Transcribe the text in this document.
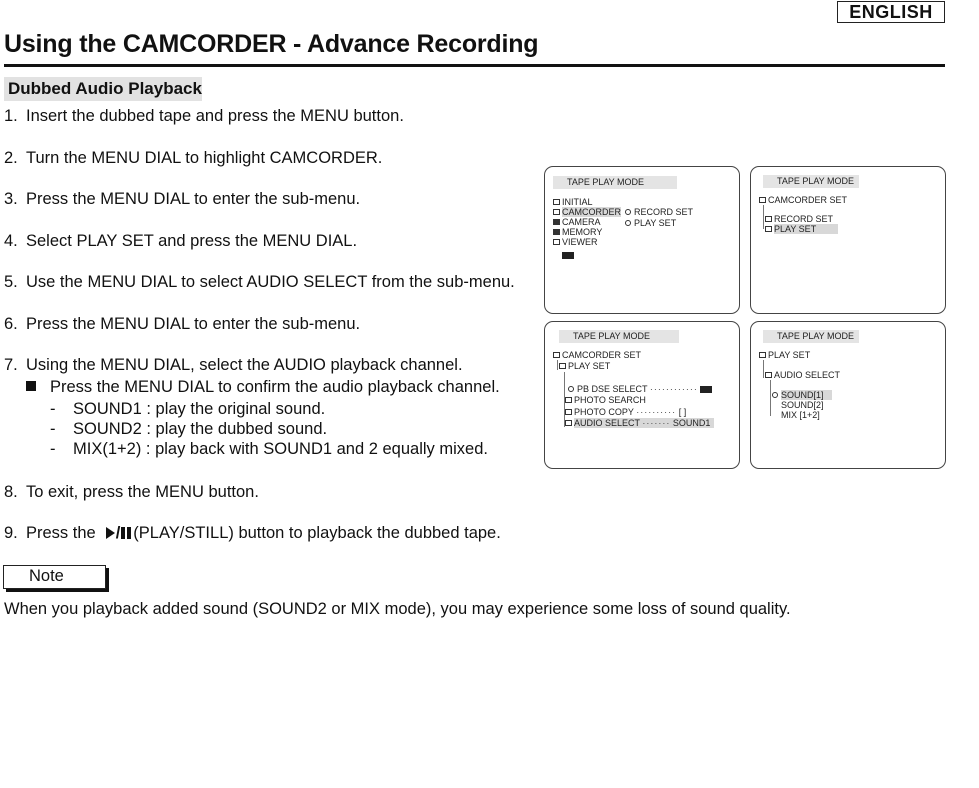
ENGLISH
Using the CAMCORDER - Advance Recording
Dubbed Audio Playback
1. Insert the dubbed tape and press the MENU button.
2. Turn the MENU DIAL to highlight CAMCORDER.
3. Press the MENU DIAL to enter the sub-menu.
4. Select PLAY SET and press the MENU DIAL.
5. Use the MENU DIAL to select AUDIO SELECT from the sub-menu.
6. Press the MENU DIAL to enter the sub-menu.
7. Using the MENU DIAL, select the AUDIO playback channel.
Press the MENU DIAL to confirm the audio playback channel.
- SOUND1 : play the original sound.
- SOUND2 : play the dubbed sound.
- MIX(1+2) : play back with SOUND1 and 2 equally mixed.
8. To exit, press the MENU button.
9. Press the / (PLAY/STILL) button to playback the dubbed tape.
Note
When you playback added sound (SOUND2 or MIX mode), you may experience some loss of sound quality.
73
TAPE PLAY MODE
INITIAL
CAMCORDER
CAMERA
MEMORY
VIEWER
RECORD SET
PLAY SET
TAPE PLAY MODE
CAMCORDER SET
RECORD SET
PLAY SET
TAPE PLAY MODE
CAMCORDER SET
PLAY SET
PB DSE SELECT ············
PHOTO SEARCH
PHOTO COPY ·········· [ ]
AUDIO SELECT ······· SOUND1
TAPE PLAY MODE
PLAY SET
AUDIO SELECT
SOUND[1]
SOUND[2]
MIX [1+2]
